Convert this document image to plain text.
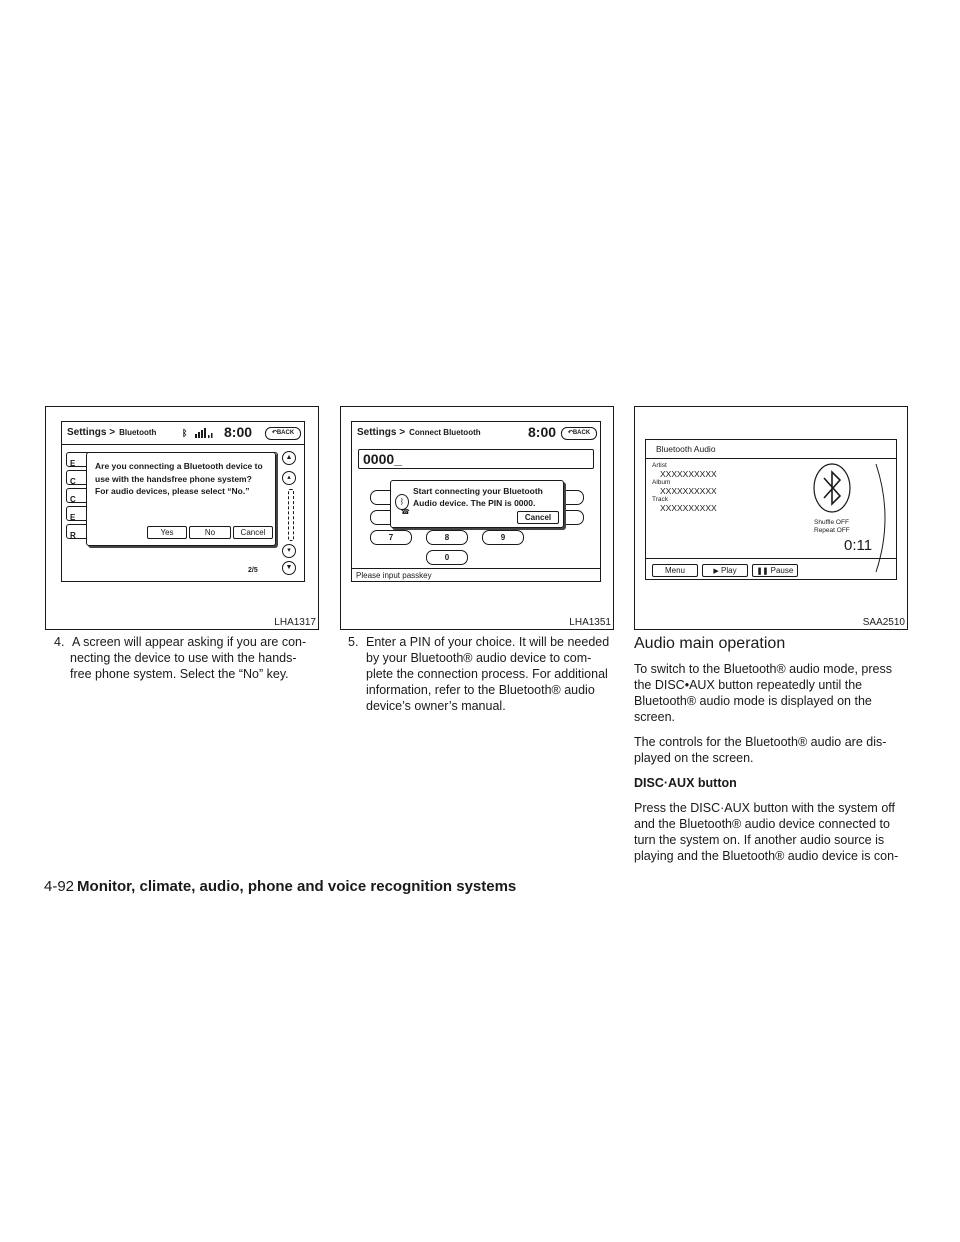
Settings > Bluetooth	ᛒ	8:00	↶BACK
E
C
C
E
R
Are you connecting a Bluetooth device to
use with the handsfree phone system?
For audio devices, please select “No.”
Yes	No	Cancel
2/5
▲
▴
▾
▼
LHA1317
Settings > Connect Bluetooth	8:00	↶BACK
0000_
7	8	9
0
ᛒ
☎
Start connecting your Bluetooth
Audio device. The PIN is 0000.
Cancel
Please input passkey
LHA1351
Bluetooth Audio
Artist
XXXXXXXXXX
Album
XXXXXXXXXX
Track
XXXXXXXXXX
Shuffle OFF
Repeat OFF
0:11
Menu	▶ Play	❚❚ Pause
SAA2510
4. A screen will appear asking if you are con-
necting the device to use with the hands-
free phone system. Select the “No” key.
5. Enter a PIN of your choice. It will be needed
by your Bluetooth® audio device to com-
plete the connection process. For additional
information, refer to the Bluetooth® audio
device’s owner’s manual.
Audio main operation
To switch to the Bluetooth® audio mode, press
the DISC•AUX button repeatedly until the
Bluetooth® audio mode is displayed on the
screen.
The controls for the Bluetooth® audio are dis-
played on the screen.
DISC·AUX button
Press the DISC·AUX button with the system off
and the Bluetooth® audio device connected to
turn the system on. If another audio source is
playing and the Bluetooth® audio device is con-
4-92 Monitor, climate, audio, phone and voice recognition systems
